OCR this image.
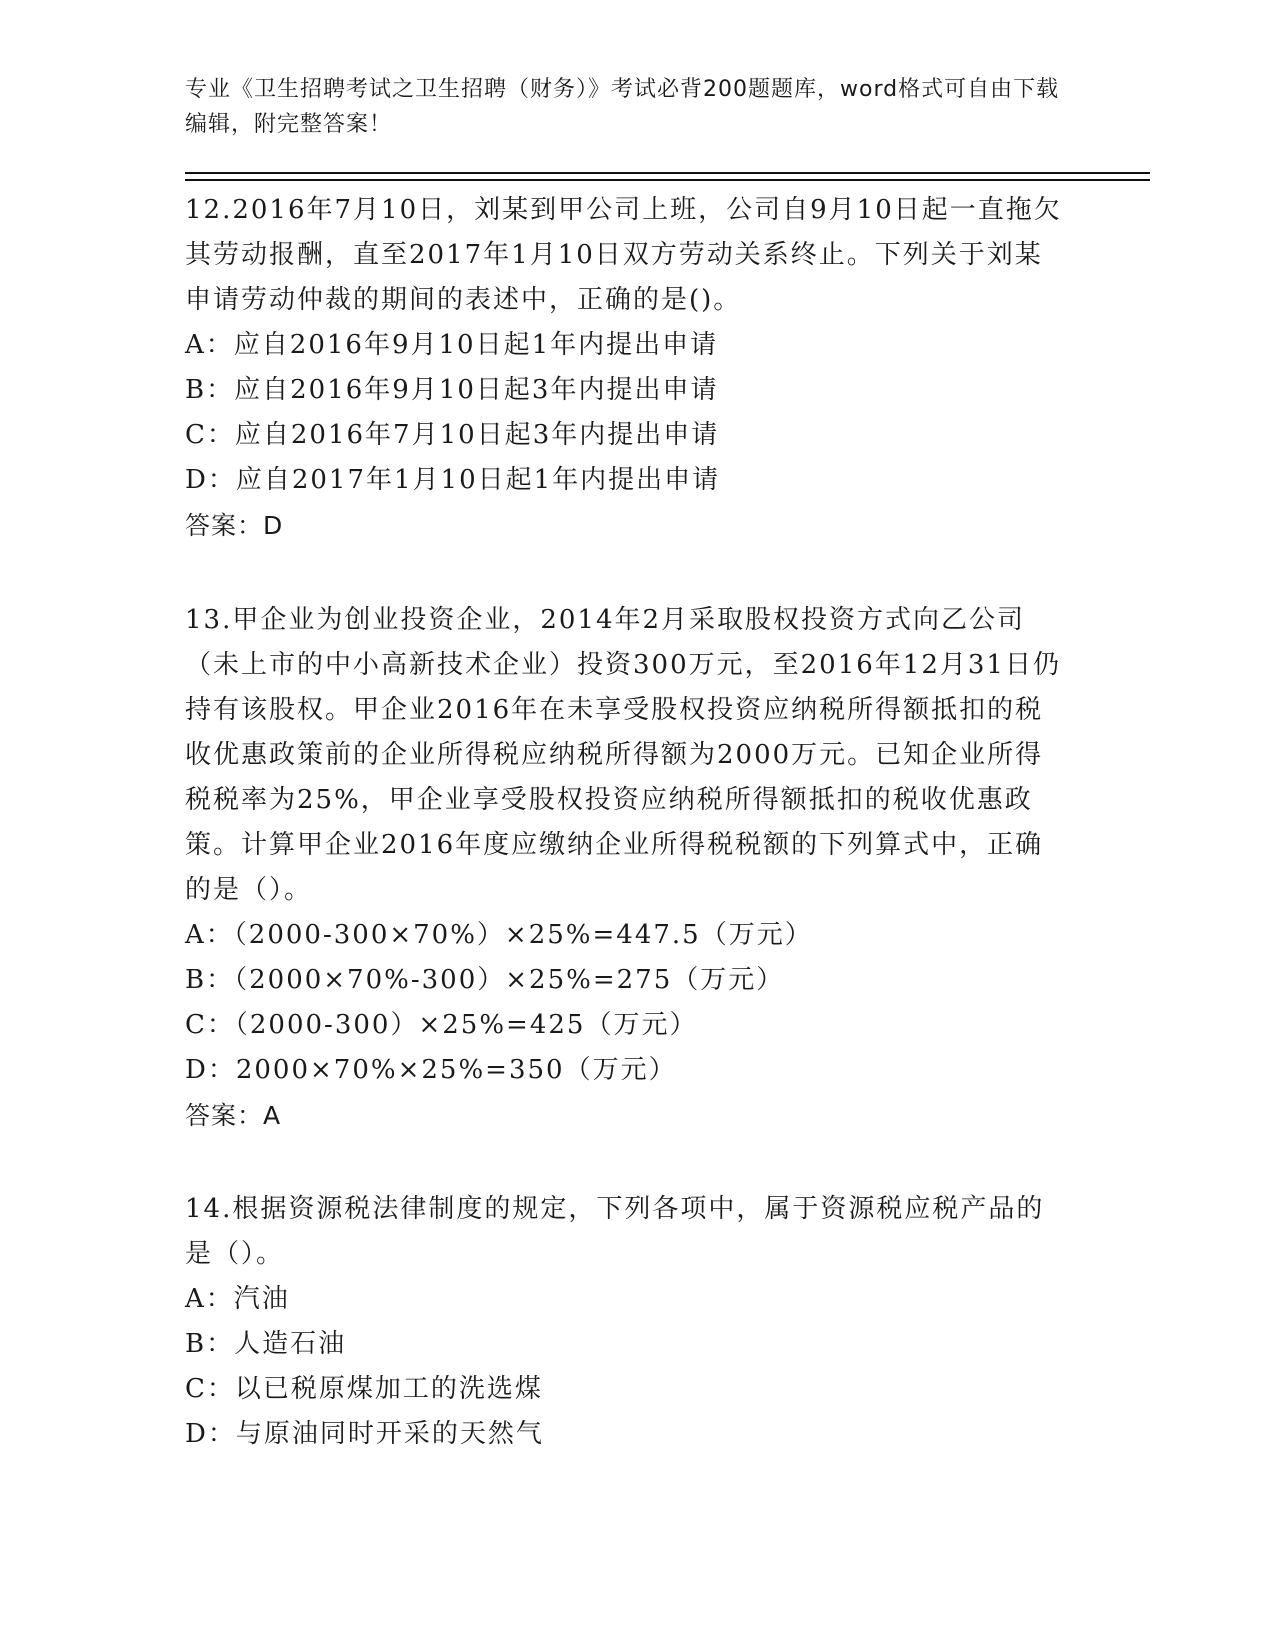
专业《卫生招聘考试之卫生招聘（财务）》考试必背200题题库，word格式可自由下载编辑，附完整答案！

12.2016年7月10日，刘某到甲公司上班，公司自9月10日起一直拖欠其劳动报酬，直至2017年1月10日双方劳动关系终止。下列关于刘某申请劳动仲裁的期间的表述中，正确的是()。

A：应自2016年9月10日起1年内提出申请

B：应自2016年9月10日起3年内提出申请

C：应自2016年7月10日起3年内提出申请

D：应自2017年1月10日起1年内提出申请

答案：D

13.甲企业为创业投资企业，2014年2月采取股权投资方式向乙公司（未上市的中小高新技术企业）投资300万元，至2016年12月31日仍持有该股权。甲企业2016年在未享受股权投资应纳税所得额抵扣的税收优惠政策前的企业所得税应纳税所得额为2000万元。已知企业所得税税率为25%，甲企业享受股权投资应纳税所得额抵扣的税收优惠政策。计算甲企业2016年度应缴纳企业所得税税额的下列算式中，正确的是（）。

A：（2000-300×70%）×25%=447.5（万元）

B：（2000×70%-300）×25%=275（万元）

C：（2000-300）×25%=425（万元）

D：2000×70%×25%=350（万元）

答案：A

14.根据资源税法律制度的规定，下列各项中，属于资源税应税产品的是（）。

A：汽油

B：人造石油

C：以已税原煤加工的洗选煤

D：与原油同时开采的天然气
